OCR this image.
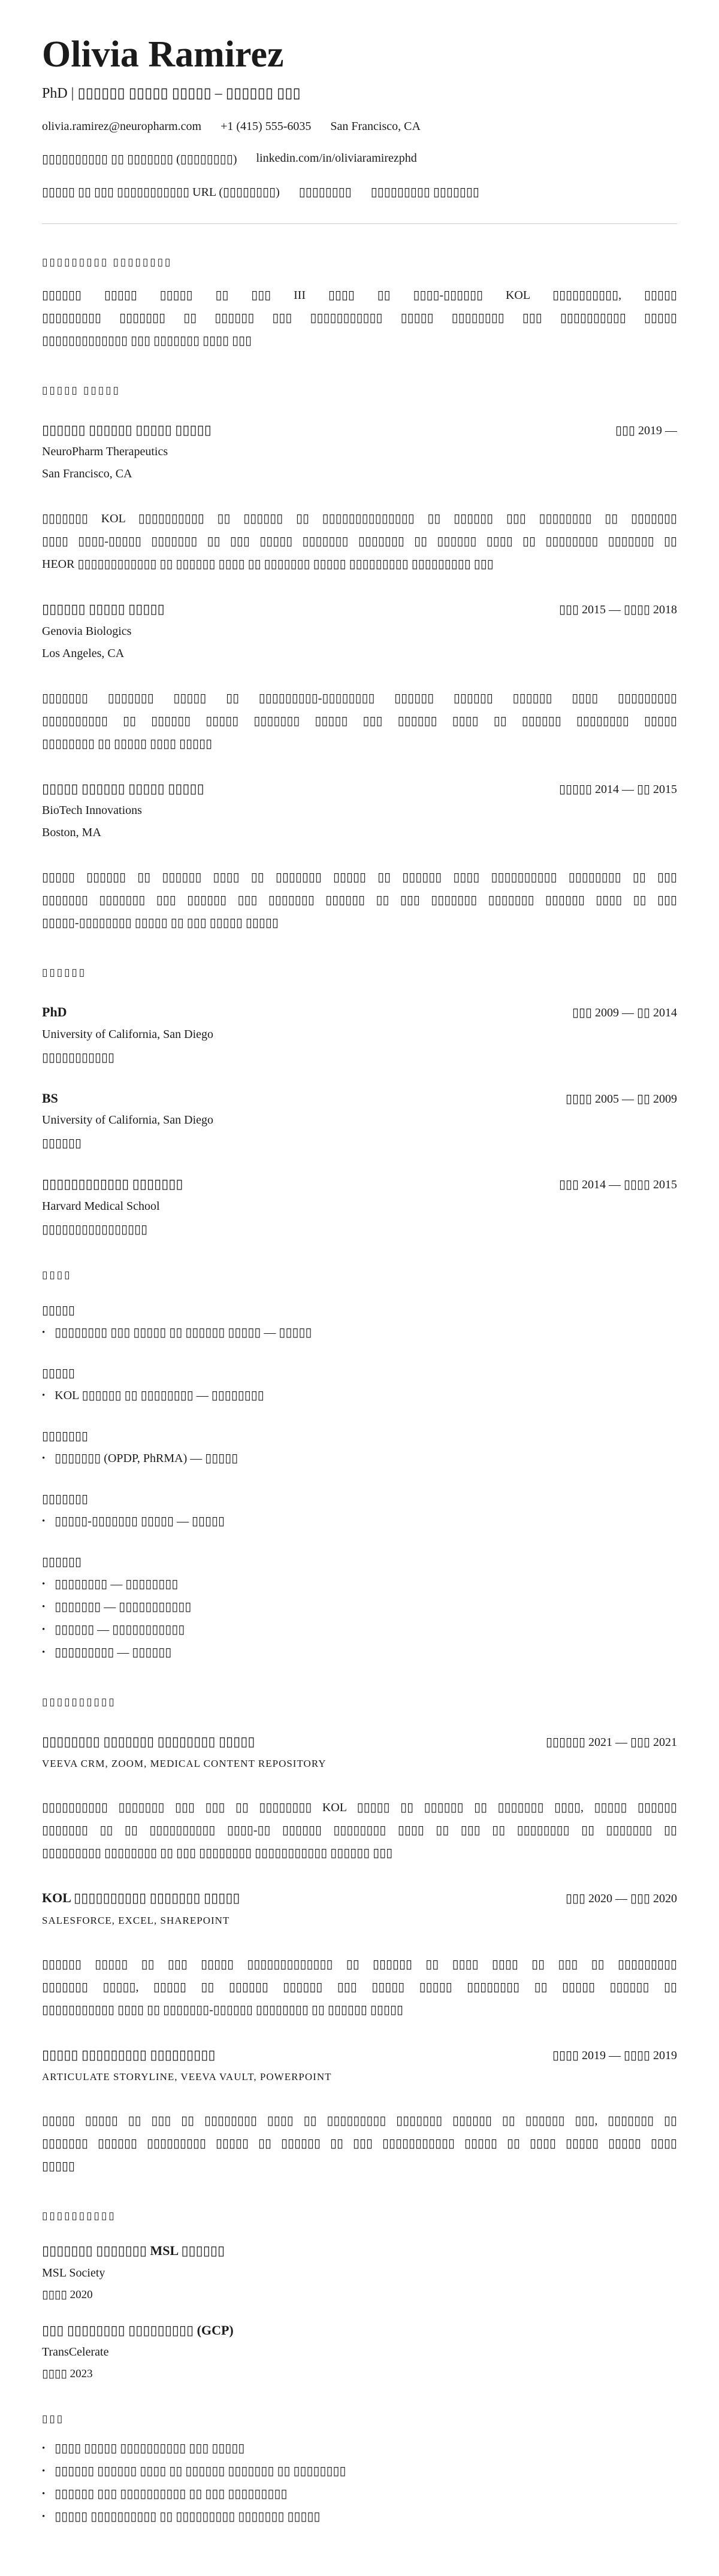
Olivia Ramirez
PhD | ▯▯▯▯▯▯ ▯▯▯▯▯ ▯▯▯▯▯ – ▯▯▯▯▯▯ ▯▯▯
olivia.ramirez@neuropharm.com +1 (415) 555-6035 San Francisco, CA
▯▯▯▯▯▯▯▯▯▯ ▯▯ ▯▯▯▯▯▯▯ (▯▯▯▯▯▯▯▯) linkedin.com/in/oliviaramirezphd
▯▯▯▯▯ ▯▯ ▯▯▯ ▯▯▯▯▯▯▯▯▯▯▯ URL (▯▯▯▯▯▯▯▯) ▯▯▯▯▯▯▯▯ ▯▯▯▯▯▯▯▯▯ ▯▯▯▯▯▯▯
▯▯▯▯▯▯▯▯▯ ▯▯▯▯▯▯▯▯
▯▯▯▯▯▯ ▯▯▯▯▯ ▯▯▯▯▯ ▯▯ ▯▯▯ III ▯▯▯▯ ▯▯ ▯▯▯▯-▯▯▯▯▯▯ KOL ▯▯▯▯▯▯▯▯▯▯, ▯▯▯▯▯
▯▯▯▯▯▯▯▯▯ ▯▯▯▯▯▯▯ ▯▯ ▯▯▯▯▯▯ ▯▯▯ ▯▯▯▯▯▯▯▯▯▯▯ ▯▯▯▯▯ ▯▯▯▯▯▯▯▯ ▯▯▯ ▯▯▯▯▯▯▯▯▯▯ ▯▯▯▯▯
▯▯▯▯▯▯▯▯▯▯▯▯▯ ▯▯▯ ▯▯▯▯▯▯▯ ▯▯▯▯ ▯▯▯
▯▯▯▯▯ ▯▯▯▯▯
▯▯▯▯▯▯ ▯▯▯▯▯▯ ▯▯▯▯▯ ▯▯▯▯▯	▯▯▯ 2019 —
NeuroPharm Therapeutics
San Francisco, CA
▯▯▯▯▯▯▯ KOL ▯▯▯▯▯▯▯▯▯▯ ▯▯ ▯▯▯▯▯▯ ▯▯ ▯▯▯▯▯▯▯▯▯▯▯▯▯▯ ▯▯ ▯▯▯▯▯▯ ▯▯▯ ▯▯▯▯▯▯▯▯ ▯▯ ▯▯▯▯▯▯▯
▯▯▯▯ ▯▯▯▯-▯▯▯▯▯ ▯▯▯▯▯▯▯ ▯▯ ▯▯▯ ▯▯▯▯▯ ▯▯▯▯▯▯▯ ▯▯▯▯▯▯▯ ▯▯ ▯▯▯▯▯▯ ▯▯▯▯ ▯▯ ▯▯▯▯▯▯▯▯ ▯▯▯▯▯▯▯ ▯▯
HEOR ▯▯▯▯▯▯▯▯▯▯▯▯ ▯▯ ▯▯▯▯▯▯ ▯▯▯▯ ▯▯ ▯▯▯▯▯▯▯ ▯▯▯▯▯ ▯▯▯▯▯▯▯▯▯ ▯▯▯▯▯▯▯▯▯ ▯▯▯
▯▯▯▯▯▯ ▯▯▯▯▯ ▯▯▯▯▯	▯▯▯ 2015 — ▯▯▯▯ 2018
Genovia Biologics
Los Angeles, CA
▯▯▯▯▯▯▯ ▯▯▯▯▯▯▯ ▯▯▯▯▯ ▯▯ ▯▯▯▯▯▯▯▯▯-▯▯▯▯▯▯▯▯ ▯▯▯▯▯▯ ▯▯▯▯▯▯ ▯▯▯▯▯▯ ▯▯▯▯ ▯▯▯▯▯▯▯▯▯
▯▯▯▯▯▯▯▯▯▯ ▯▯ ▯▯▯▯▯▯ ▯▯▯▯▯ ▯▯▯▯▯▯▯ ▯▯▯▯▯ ▯▯▯ ▯▯▯▯▯▯ ▯▯▯▯ ▯▯ ▯▯▯▯▯▯ ▯▯▯▯▯▯▯▯ ▯▯▯▯▯
▯▯▯▯▯▯▯▯ ▯▯ ▯▯▯▯▯ ▯▯▯▯ ▯▯▯▯▯
▯▯▯▯▯ ▯▯▯▯▯▯ ▯▯▯▯▯ ▯▯▯▯▯	▯▯▯▯▯ 2014 — ▯▯ 2015
BioTech Innovations
Boston, MA
▯▯▯▯▯ ▯▯▯▯▯▯ ▯▯ ▯▯▯▯▯▯ ▯▯▯▯ ▯▯ ▯▯▯▯▯▯▯ ▯▯▯▯▯ ▯▯ ▯▯▯▯▯▯ ▯▯▯▯ ▯▯▯▯▯▯▯▯▯▯ ▯▯▯▯▯▯▯▯ ▯▯ ▯▯▯
▯▯▯▯▯▯▯ ▯▯▯▯▯▯▯ ▯▯▯ ▯▯▯▯▯▯ ▯▯▯ ▯▯▯▯▯▯▯ ▯▯▯▯▯▯ ▯▯ ▯▯▯ ▯▯▯▯▯▯▯ ▯▯▯▯▯▯▯ ▯▯▯▯▯▯ ▯▯▯▯ ▯▯ ▯▯▯
▯▯▯▯▯-▯▯▯▯▯▯▯▯ ▯▯▯▯▯ ▯▯ ▯▯▯ ▯▯▯▯▯ ▯▯▯▯▯
▯▯▯▯▯▯
PhD	▯▯▯ 2009 — ▯▯ 2014
University of California, San Diego
▯▯▯▯▯▯▯▯▯▯▯
BS	▯▯▯▯ 2005 — ▯▯ 2009
University of California, San Diego
▯▯▯▯▯▯
▯▯▯▯▯▯▯▯▯▯▯▯ ▯▯▯▯▯▯▯	▯▯▯ 2014 — ▯▯▯▯ 2015
Harvard Medical School
▯▯▯▯▯▯▯▯▯▯▯▯▯▯▯▯
▯▯▯▯
▯▯▯▯▯
• ▯▯▯▯▯▯▯▯ ▯▯▯ ▯▯▯▯▯ ▯▯ ▯▯▯▯▯▯ ▯▯▯▯▯ — ▯▯▯▯▯
▯▯▯▯▯
• KOL ▯▯▯▯▯▯ ▯▯ ▯▯▯▯▯▯▯▯ — ▯▯▯▯▯▯▯▯
▯▯▯▯▯▯▯
• ▯▯▯▯▯▯▯ (OPDP, PhRMA) — ▯▯▯▯▯
▯▯▯▯▯▯▯
• ▯▯▯▯▯-▯▯▯▯▯▯▯ ▯▯▯▯▯ — ▯▯▯▯▯
▯▯▯▯▯▯
• ▯▯▯▯▯▯▯▯ — ▯▯▯▯▯▯▯▯
• ▯▯▯▯▯▯▯ — ▯▯▯▯▯▯▯▯▯▯▯
• ▯▯▯▯▯▯ — ▯▯▯▯▯▯▯▯▯▯▯
• ▯▯▯▯▯▯▯▯▯ — ▯▯▯▯▯▯
▯▯▯▯▯▯▯▯▯▯
▯▯▯▯▯▯▯▯ ▯▯▯▯▯▯▯ ▯▯▯▯▯▯▯▯ ▯▯▯▯▯	▯▯▯▯▯▯ 2021 — ▯▯▯ 2021
VEEVA CRM, ZOOM, MEDICAL CONTENT REPOSITORY
▯▯▯▯▯▯▯▯▯▯ ▯▯▯▯▯▯▯ ▯▯▯ ▯▯▯ ▯▯ ▯▯▯▯▯▯▯▯ KOL ▯▯▯▯▯ ▯▯ ▯▯▯▯▯▯ ▯▯ ▯▯▯▯▯▯▯ ▯▯▯▯, ▯▯▯▯▯ ▯▯▯▯▯▯
▯▯▯▯▯▯▯ ▯▯ ▯▯ ▯▯▯▯▯▯▯▯▯▯ ▯▯▯▯-▯▯ ▯▯▯▯▯▯ ▯▯▯▯▯▯▯▯ ▯▯▯▯ ▯▯ ▯▯▯ ▯▯ ▯▯▯▯▯▯▯▯ ▯▯ ▯▯▯▯▯▯▯ ▯▯
▯▯▯▯▯▯▯▯▯ ▯▯▯▯▯▯▯▯ ▯▯ ▯▯▯ ▯▯▯▯▯▯▯▯ ▯▯▯▯▯▯▯▯▯▯▯ ▯▯▯▯▯▯ ▯▯▯
KOL ▯▯▯▯▯▯▯▯▯▯ ▯▯▯▯▯▯▯ ▯▯▯▯▯	▯▯▯ 2020 — ▯▯▯ 2020
SALESFORCE, EXCEL, SHAREPOINT
▯▯▯▯▯▯ ▯▯▯▯▯ ▯▯ ▯▯▯ ▯▯▯▯▯ ▯▯▯▯▯▯▯▯▯▯▯▯▯ ▯▯ ▯▯▯▯▯▯ ▯▯ ▯▯▯▯ ▯▯▯▯ ▯▯ ▯▯▯ ▯▯ ▯▯▯▯▯▯▯▯▯
▯▯▯▯▯▯▯ ▯▯▯▯▯, ▯▯▯▯▯ ▯▯ ▯▯▯▯▯▯ ▯▯▯▯▯▯ ▯▯▯ ▯▯▯▯▯ ▯▯▯▯▯ ▯▯▯▯▯▯▯▯ ▯▯ ▯▯▯▯▯ ▯▯▯▯▯▯ ▯▯
▯▯▯▯▯▯▯▯▯▯▯ ▯▯▯▯ ▯▯ ▯▯▯▯▯▯▯-▯▯▯▯▯▯ ▯▯▯▯▯▯▯▯ ▯▯ ▯▯▯▯▯▯ ▯▯▯▯▯
▯▯▯▯▯ ▯▯▯▯▯▯▯▯▯ ▯▯▯▯▯▯▯▯▯	▯▯▯▯ 2019 — ▯▯▯▯ 2019
ARTICULATE STORYLINE, VEEVA VAULT, POWERPOINT
▯▯▯▯▯ ▯▯▯▯▯ ▯▯ ▯▯▯ ▯▯ ▯▯▯▯▯▯▯▯ ▯▯▯▯ ▯▯ ▯▯▯▯▯▯▯▯▯ ▯▯▯▯▯▯▯ ▯▯▯▯▯▯ ▯▯ ▯▯▯▯▯▯ ▯▯▯, ▯▯▯▯▯▯▯ ▯▯
▯▯▯▯▯▯▯ ▯▯▯▯▯▯ ▯▯▯▯▯▯▯▯▯ ▯▯▯▯▯ ▯▯ ▯▯▯▯▯▯ ▯▯ ▯▯▯ ▯▯▯▯▯▯▯▯▯▯▯ ▯▯▯▯▯ ▯▯ ▯▯▯▯ ▯▯▯▯▯ ▯▯▯▯▯ ▯▯▯▯
▯▯▯▯▯
▯▯▯▯▯▯▯▯▯▯
▯▯▯▯▯▯▯ ▯▯▯▯▯▯▯ MSL ▯▯▯▯▯▯
MSL Society
▯▯▯▯ 2020
▯▯▯ ▯▯▯▯▯▯▯▯ ▯▯▯▯▯▯▯▯▯ (GCP)
TransCelerate
▯▯▯▯ 2023
▯▯▯
• ▯▯▯▯ ▯▯▯▯▯ ▯▯▯▯▯▯▯▯▯▯ ▯▯▯ ▯▯▯▯▯
• ▯▯▯▯▯▯ ▯▯▯▯▯▯ ▯▯▯▯ ▯▯ ▯▯▯▯▯▯ ▯▯▯▯▯▯▯ ▯▯ ▯▯▯▯▯▯▯▯
• ▯▯▯▯▯▯ ▯▯▯ ▯▯▯▯▯▯▯▯▯▯ ▯▯ ▯▯▯ ▯▯▯▯▯▯▯▯▯
• ▯▯▯▯▯ ▯▯▯▯▯▯▯▯▯▯ ▯▯ ▯▯▯▯▯▯▯▯▯ ▯▯▯▯▯▯▯ ▯▯▯▯▯
